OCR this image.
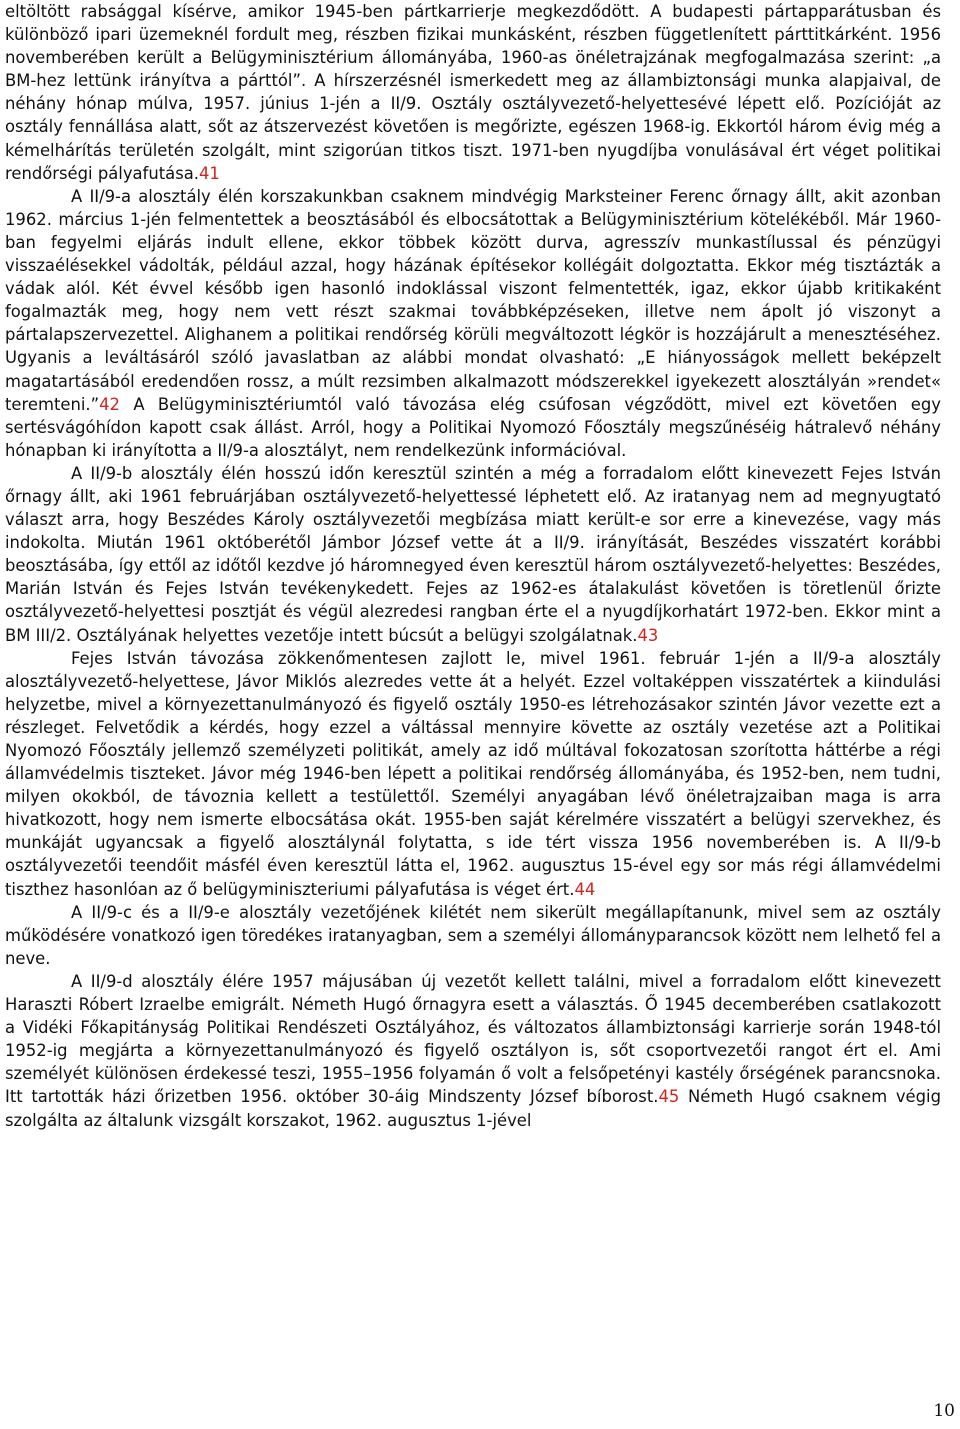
eltöltött rabsággal kísérve, amikor 1945-ben pártkarrierje megkezdődött. A budapesti pártapparátusban és különböző ipari üzemeknél fordult meg, részben fizikai munkásként, részben függetlenített párttitkárként. 1956 novemberében került a Belügyminisztérium állományába, 1960-as önéletrajzának megfogalmazása szerint: „a BM-hez lettünk irányítva a párttól”. A hírszerzésnél ismerkedett meg az állambiztonsági munka alapjaival, de néhány hónap múlva, 1957. június 1-jén a II/9. Osztály osztályvezető-helyettesévé lépett elő. Pozícióját az osztály fennállása alatt, sőt az átszervezést követően is megőrizte, egészen 1968-ig. Ekkortól három évig még a kémelhárítás területén szolgált, mint szigorúan titkos tiszt. 1971-ben nyugdíjba vonulásával ért véget politikai rendőrségi pályafutása.41

A II/9-a alosztály élén korszakunkban csaknem mindvégig Marksteiner Ferenc őrnagy állt, akit azonban 1962. március 1-jén felmentettek a beosztásából és elbocsátottak a Belügyminisztérium kötelékéből. Már 1960-ban fegyelmi eljárás indult ellene, ekkor többek között durva, agresszív munkastílussal és pénzügyi visszaélésekkel vádolták, például azzal, hogy házának építésekor kollégáit dolgoztatta. Ekkor még tisztázták a vádak alól. Két évvel később igen hasonló indoklással viszont felmentették, igaz, ekkor újabb kritikaként fogalmazták meg, hogy nem vett részt szakmai továbbképzéseken, illetve nem ápolt jó viszonyt a pártalapszervezettel. Alighanem a politikai rendőrség körüli megváltozott légkör is hozzájárult a menesztéséhez. Ugyanis a leváltásáról szóló javaslatban az alábbi mondat olvasható: „E hiányosságok mellett beképzelt magatartásából eredendően rossz, a múlt rezsimben alkalmazott módszerekkel igyekezett alosztályán »rendet« teremteni.”42 A Belügyminisztériumtól való távozása elég csúfosan végződött, mivel ezt követően egy sertésvágóhídon kapott csak állást. Arról, hogy a Politikai Nyomozó Főosztály megszűnéséig hátralevő néhány hónapban ki irányította a II/9-a alosztályt, nem rendelkezünk információval.

A II/9-b alosztály élén hosszú időn keresztül szintén a még a forradalom előtt kinevezett Fejes István őrnagy állt, aki 1961 februárjában osztályvezető-helyettessé léphetett elő. Az iratanyag nem ad megnyugtató választ arra, hogy Beszédes Károly osztályvezetői megbízása miatt került-e sor erre a kinevezése, vagy más indokolta. Miután 1961 októberétől Jámbor József vette át a II/9. irányítását, Beszédes visszatért korábbi beosztásába, így ettől az időtől kezdve jó háromnegyed éven keresztül három osztályvezető-helyettes: Beszédes, Marián István és Fejes István tevékenykedett. Fejes az 1962-es átalakulást követően is töretlenül őrizte osztályvezető-helyettesi posztját és végül alezredesi rangban érte el a nyugdíjkorhatárt 1972-ben. Ekkor mint a BM III/2. Osztályának helyettes vezetője intett búcsút a belügyi szolgálatnak.43

Fejes István távozása zökkenőmentesen zajlott le, mivel 1961. február 1-jén a II/9-a alosztály alosztályvezető-helyettese, Jávor Miklós alezredes vette át a helyét. Ezzel voltaképpen visszatértek a kiindulási helyzetbe, mivel a környezettanulmányozó és figyelő osztály 1950-es létrehozásakor szintén Jávor vezette ezt a részleget. Felvetődik a kérdés, hogy ezzel a váltással mennyire követte az osztály vezetése azt a Politikai Nyomozó Főosztály jellemző személyzeti politikát, amely az idő múltával fokozatosan szorította háttérbe a régi államvédelmis tiszteket. Jávor még 1946-ben lépett a politikai rendőrség állományába, és 1952-ben, nem tudni, milyen okokból, de távoznia kellett a testülettől. Személyi anyagában lévő önéletrajzaiban maga is arra hivatkozott, hogy nem ismerte elbocsátása okát. 1955-ben saját kérelmére visszatért a belügyi szervekhez, és munkáját ugyancsak a figyelő alosztálynál folytatta, s ide tért vissza 1956 novemberében is. A II/9-b osztályvezetői teendőit másfél éven keresztül látta el, 1962. augusztus 15-ével egy sor más régi államvédelmi tiszthez hasonlóan az ő belügyminiszteriumi pályafutása is véget ért.44

A II/9-c és a II/9-e alosztály vezetőjének kilétét nem sikerült megállapítanunk, mivel sem az osztály működésére vonatkozó igen töredékes iratanyagban, sem a személyi állományparancsok között nem lelhető fel a neve.

A II/9-d alosztály élére 1957 májusában új vezetőt kellett találni, mivel a forradalom előtt kinevezett Haraszti Róbert Izraelbe emigrált. Németh Hugó őrnagyra esett a választás. Ő 1945 decemberében csatlakozott a Vidéki Főkapitányság Politikai Rendészeti Osztályához, és változatos állambiztonsági karrierje során 1948-tól 1952-ig megjárta a környezettanulmányozó és figyelő osztályon is, sőt csoportvezetői rangot ért el. Ami személyét különösen érdekessé teszi, 1955–1956 folyamán ő volt a felsőpetényi kastély őrségének parancsnoka. Itt tartották házi őrizetben 1956. október 30-áig Mindszenty József bíborost.45 Németh Hugó csaknem végig szolgálta az általunk vizsgált korszakot, 1962. augusztus 1-jével

10
